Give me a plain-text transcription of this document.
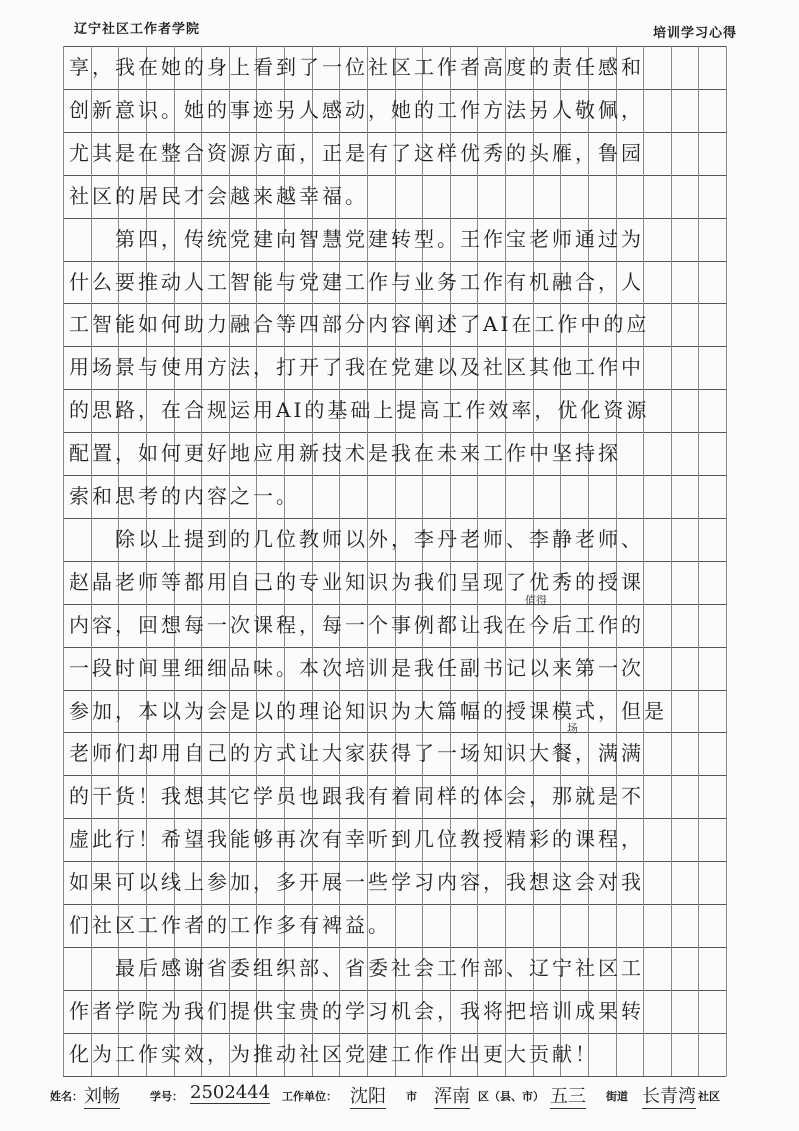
辽宁社区工作者学院	培训学习心得
享，我在她的身上看到了一位社区工作者高度的责任感和
创新意识。她的事迹另人感动，她的工作方法另人敬佩，
尤其是在整合资源方面，正是有了这样优秀的头雁，鲁园
社区的居民才会越来越幸福。
　　第四，传统党建向智慧党建转型。王作宝老师通过为
什么要推动人工智能与党建工作与业务工作有机融合，人
工智能如何助力融合等四部分内容阐述了AI在工作中的应
用场景与使用方法，打开了我在党建以及社区其他工作中
的思路，在合规运用AI的基础上提高工作效率，优化资源
配置，如何更好地应用新技术是我在未来工作中坚持探
索和思考的内容之一。
　　除以上提到的几位教师以外，李丹老师、李静老师、
赵晶老师等都用自己的专业知识为我们呈现了优秀的授课
内容，回想每一次课程，每一个事例都让我在今后工作的
一段时间里细细品味。本次培训是我任副书记以来第一次
参加，本以为会是以的理论知识为大篇幅的授课模式，但是
老师们却用自己的方式让大家获得了一场知识大餐，满满
的干货！我想其它学员也跟我有着同样的体会，那就是不
虚此行！希望我能够再次有幸听到几位教授精彩的课程，
如果可以线上参加，多开展一些学习内容，我想这会对我
们社区工作者的工作多有裨益。
　　最后感谢省委组织部、省委社会工作部、辽宁社区工
作者学院为我们提供宝贵的学习机会，我将把培训成果转
化为工作实效，为推动社区党建工作作出更大贡献！
值得
场
姓名： 刘畅	学号： 2502444 工作单位： 沈阳 市 浑南 区（县、市） 五三 街道 长青湾 社区
